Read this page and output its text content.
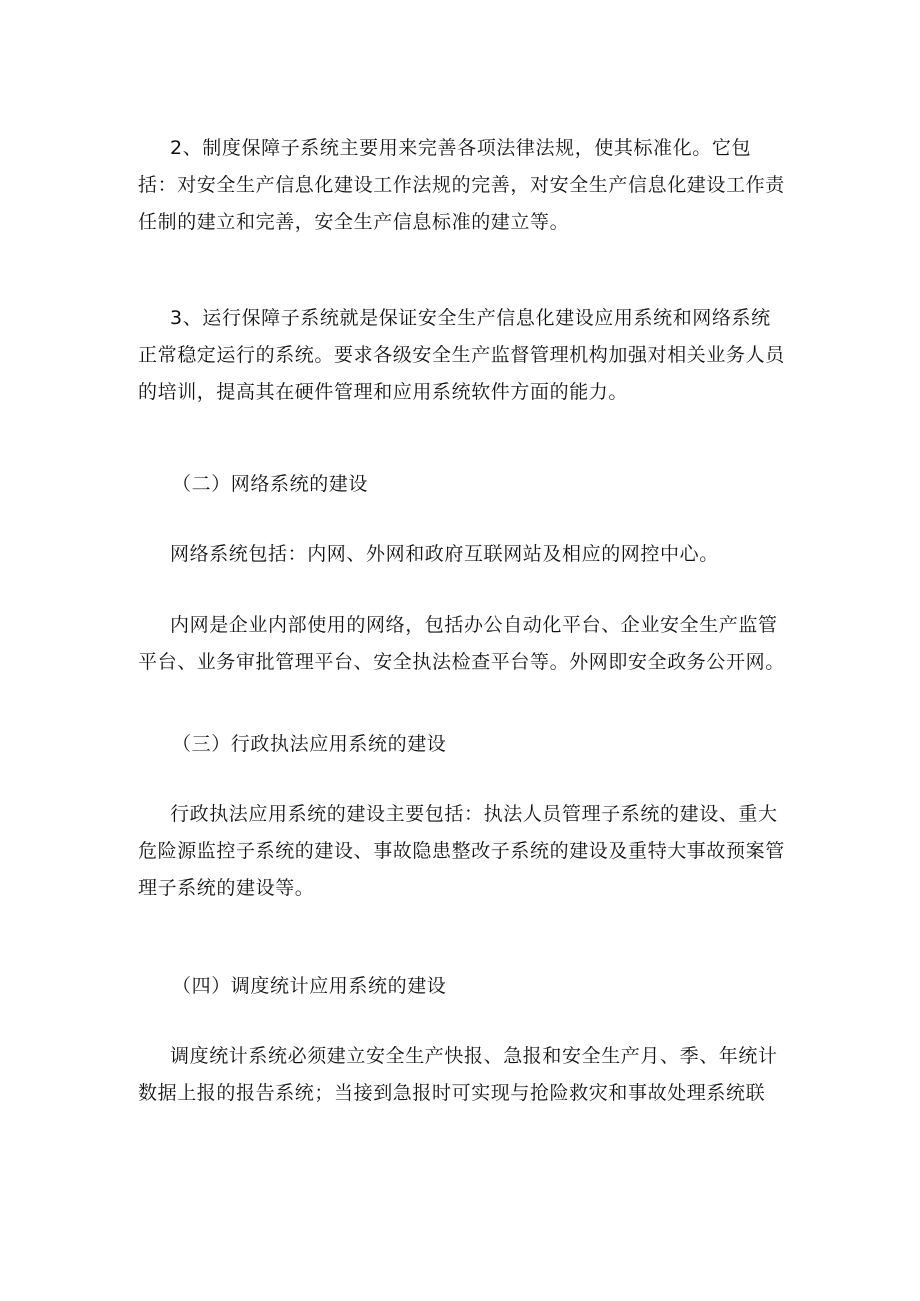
2、制度保障子系统主要用来完善各项法律法规，使其标准化。它包括：对安全生产信息化建设工作法规的完善，对安全生产信息化建设工作责任制的建立和完善，安全生产信息标准的建立等。

3、运行保障子系统就是保证安全生产信息化建设应用系统和网络系统正常稳定运行的系统。要求各级安全生产监督管理机构加强对相关业务人员的培训，提高其在硬件管理和应用系统软件方面的能力。

（二）网络系统的建设

网络系统包括：内网、外网和政府互联网站及相应的网控中心。

内网是企业内部使用的网络，包括办公自动化平台、企业安全生产监管平台、业务审批管理平台、安全执法检查平台等。外网即安全政务公开网。

（三）行政执法应用系统的建设

行政执法应用系统的建设主要包括：执法人员管理子系统的建设、重大危险源监控子系统的建设、事故隐患整改子系统的建设及重特大事故预案管理子系统的建设等。

（四）调度统计应用系统的建设

调度统计系统必须建立安全生产快报、急报和安全生产月、季、年统计数据上报的报告系统；当接到急报时可实现与抢险救灾和事故处理系统联
